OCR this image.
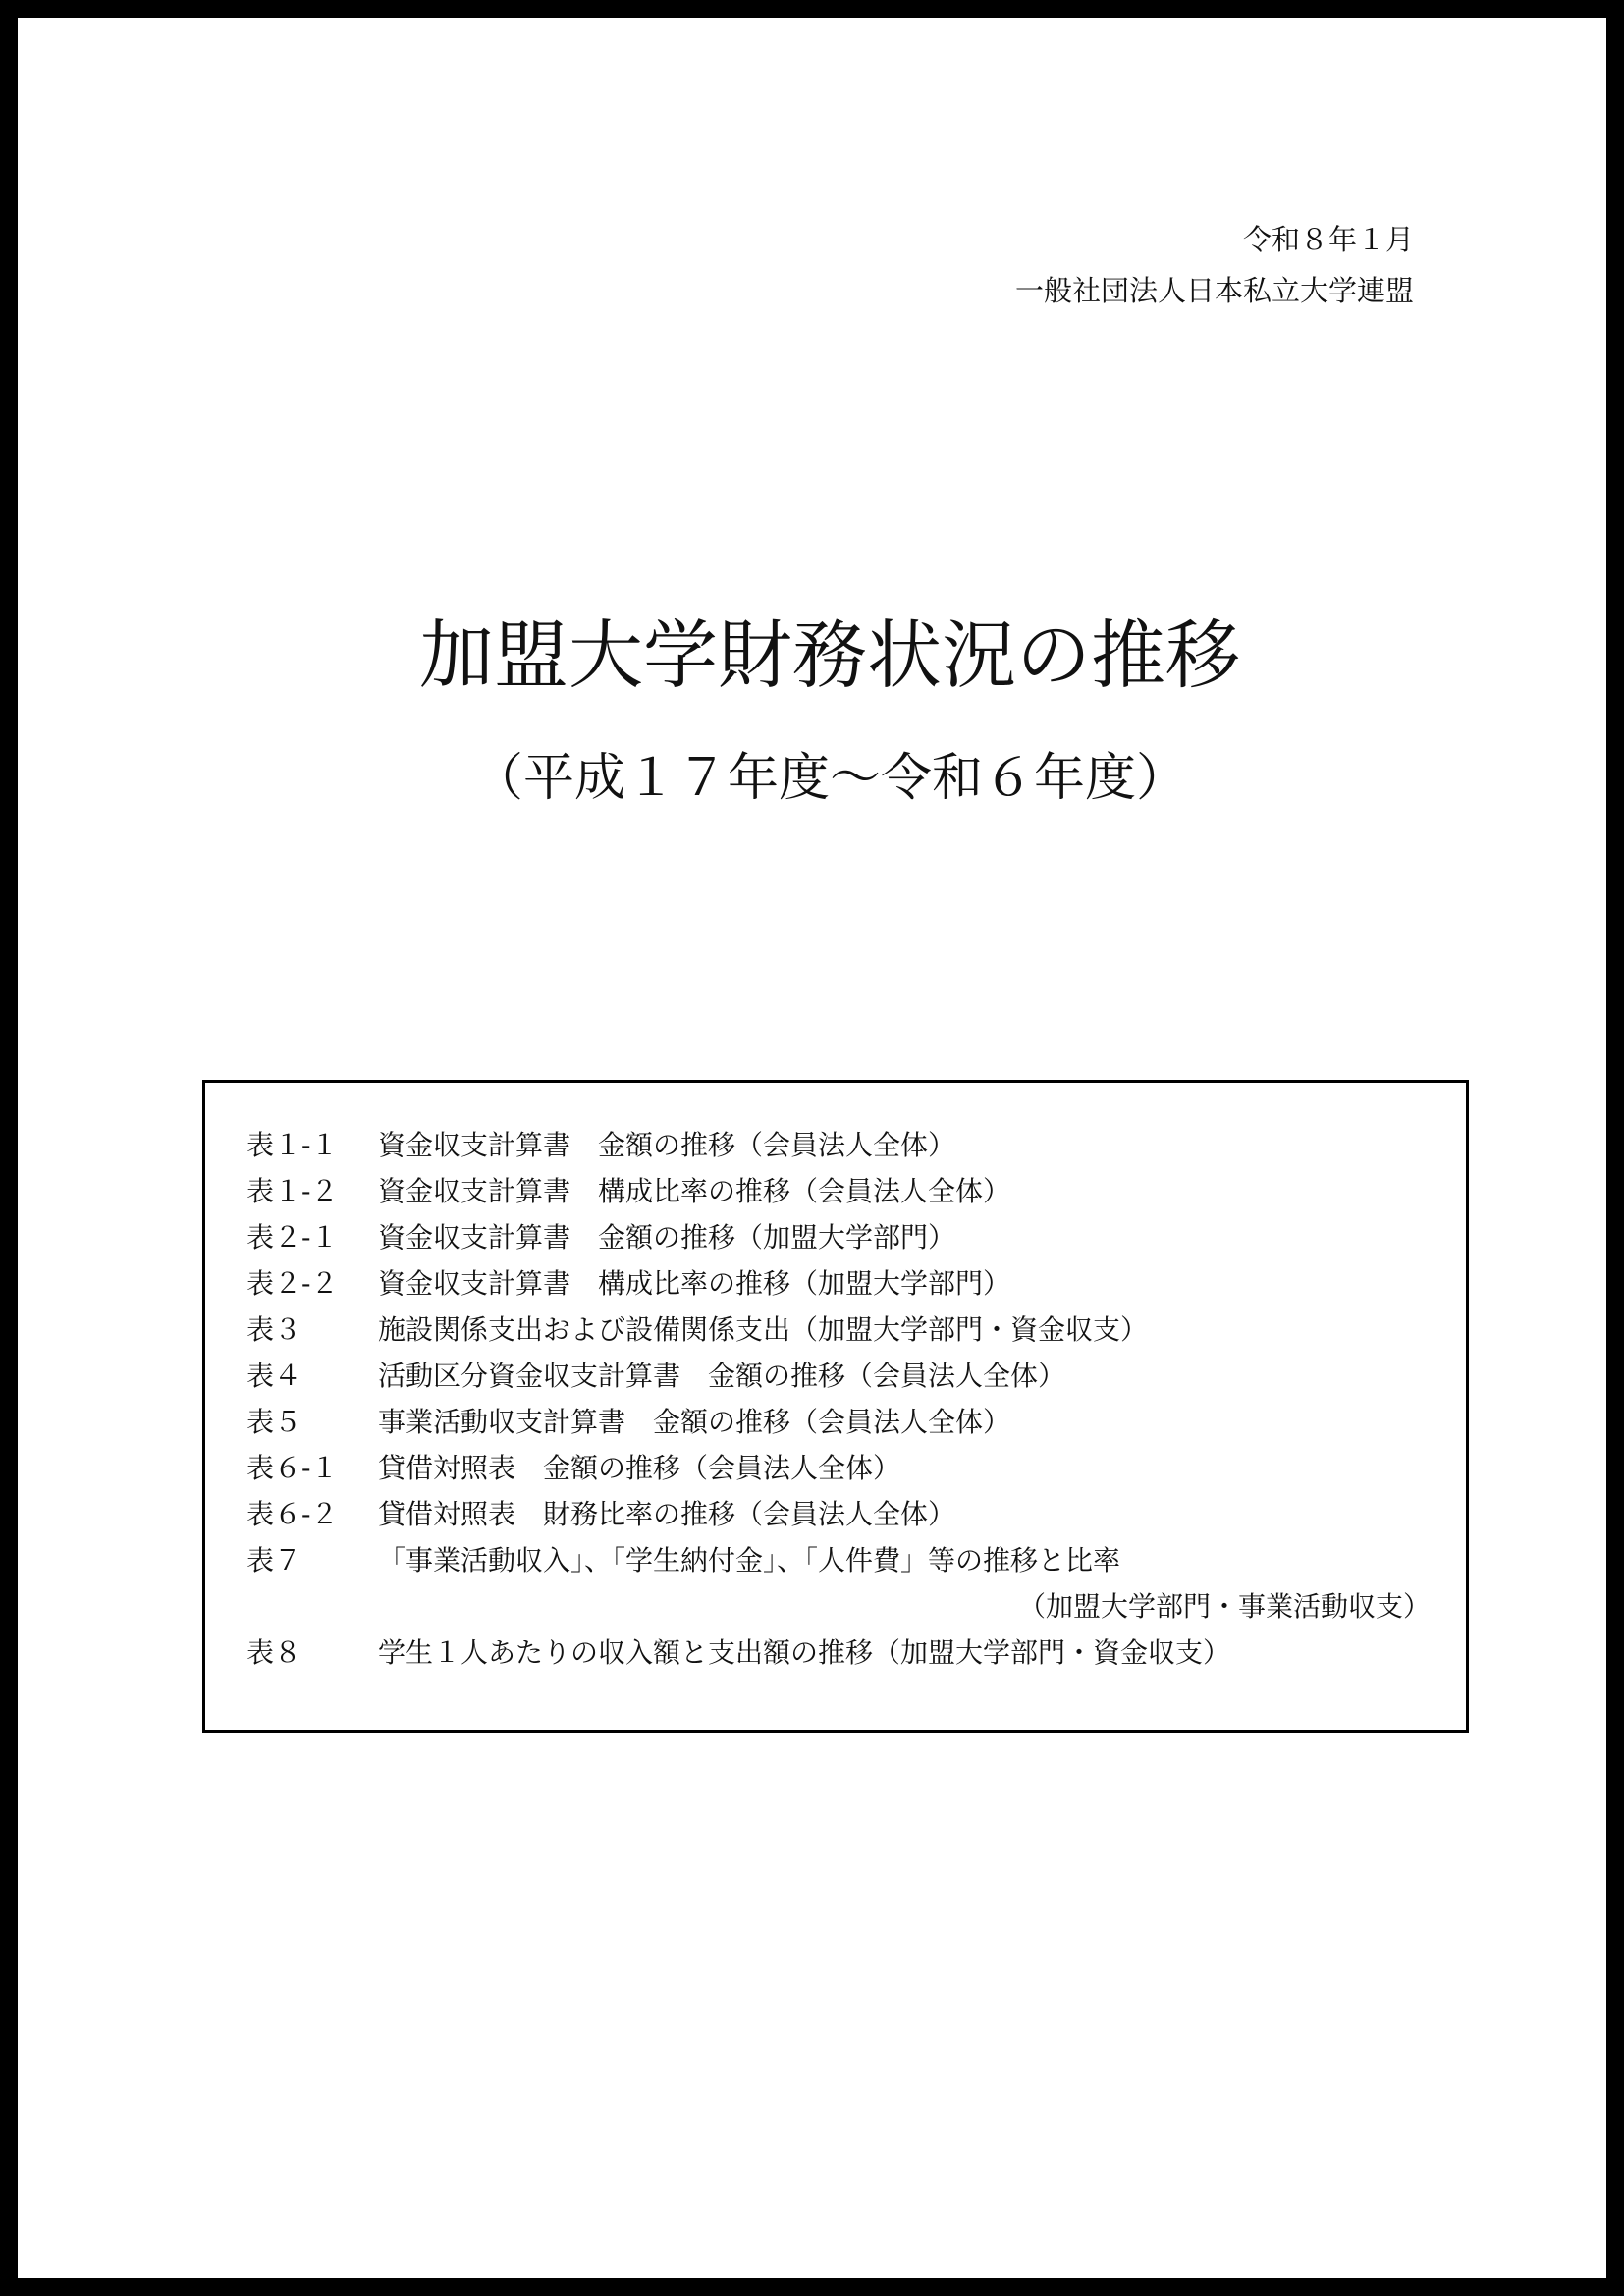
令和８年１月
一般社団法人日本私立大学連盟
加盟大学財務状況の推移
（平成１７年度～令和６年度）
表１-１ 資金収支計算書　金額の推移（会員法人全体）
表１-２ 資金収支計算書　構成比率の推移（会員法人全体）
表２-１ 資金収支計算書　金額の推移（加盟大学部門）
表２-２ 資金収支計算書　構成比率の推移（加盟大学部門）
表３	施設関係支出および設備関係支出（加盟大学部門・資金収支）
表４	活動区分資金収支計算書　金額の推移（会員法人全体）
表５	事業活動収支計算書　金額の推移（会員法人全体）
表６-１ 貸借対照表　金額の推移（会員法人全体）
表６-２ 貸借対照表　財務比率の推移（会員法人全体）
表７	「事業活動収入」、「学生納付金」、「人件費」等の推移と比率
（加盟大学部門・事業活動収支）
表８	学生１人あたりの収入額と支出額の推移（加盟大学部門・資金収支）
